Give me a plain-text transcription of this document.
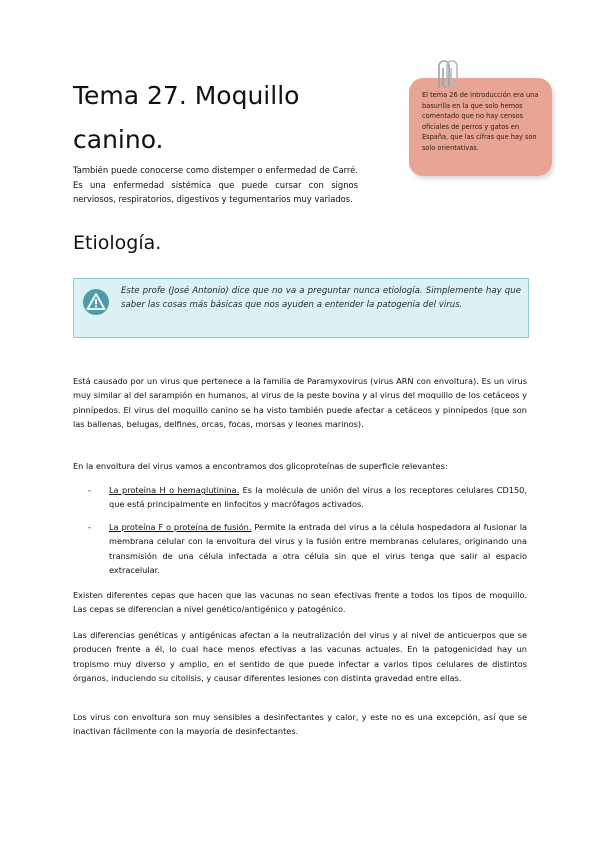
Tema 27. Moquillo canino.

También puede conocerse como distemper o enfermedad de Carré. Es una enfermedad sistémica que puede cursar con signos nerviosos, respiratorios, digestivos y tegumentarios muy variados.

El tema 26 de introducción era una basurilla en la que solo hemos comentado que no hay censos oficiales de perros y gatos en España, que las cifras que hay son solo orientativas.

Etiología.

Este profe (José Antonio) dice que no va a preguntar nunca etiología. Simplemente hay que saber las cosas más básicas que nos ayuden a entender la patogenia del virus.

Está causado por un virus que pertenece a la familia de Paramyxovirus (virus ARN con envoltura). Es un virus muy similar al del sarampión en humanos, al virus de la peste bovina y al virus del moquillo de los cetáceos y pinnípedos. El virus del moquillo canino se ha visto también puede afectar a cetáceos y pinnípedos (que son las ballenas, belugas, delfines, orcas, focas, morsas y leones marinos).

En la envoltura del virus vamos a encontramos dos glicoproteínas de superficie relevantes:

- La proteína H o hemaglutinina. Es la molécula de unión del virus a los receptores celulares CD150, que está principalmente en linfocitos y macrófagos activados.

- La proteína F o proteína de fusión. Permite la entrada del virus a la célula hospedadora al fusionar la membrana celular con la envoltura del virus y la fusión entre membranas celulares, originando una transmisión de una célula infectada a otra célula sin que el virus tenga que salir al espacio extracelular.

Existen diferentes cepas que hacen que las vacunas no sean efectivas frente a todos los tipos de moquillo. Las cepas se diferencian a nivel genético/antigénico y patogénico.

Las diferencias genéticas y antigénicas afectan a la neutralización del virus y al nivel de anticuerpos que se producen frente a él, lo cual hace menos efectivas a las vacunas actuales. En la patogenicidad hay un tropismo muy diverso y amplio, en el sentido de que puede infectar a varios tipos celulares de distintos órganos, induciendo su citolisis, y causar diferentes lesiones con distinta gravedad entre ellas.

Los virus con envoltura son muy sensibles a desinfectantes y calor, y este no es una excepción, así que se inactivan fácilmente con la mayoría de desinfectantes.
